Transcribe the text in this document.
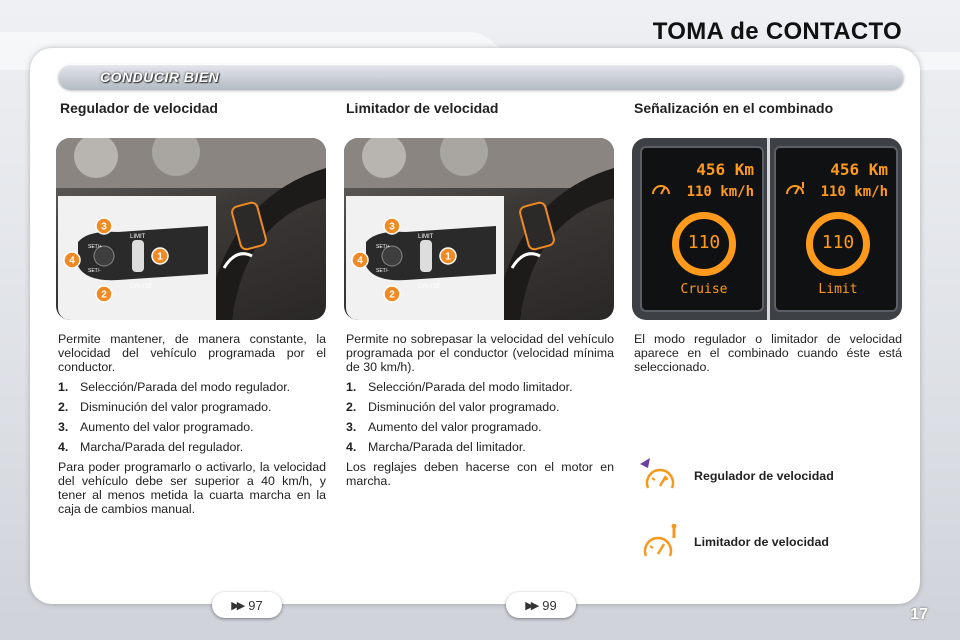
TOMA de CONTACTO
CONDUCIR BIEN
Regulador de velocidad	Limitador de velocidad	Señalización en el combinado
LIMIT
CRUISE
SET/+
SET/-
3
4	1
2
LIMIT
CRUISE
SET/+
SET/-
3
4	1
2
456 Km
110 km/h
110
Cruise
456 Km
110 km/h
110
Limit

Permite mantener, de manera constante, la velocidad del vehículo programada por el conductor.

1. Selección/Parada del modo regulador.
2. Disminución del valor programado.
3. Aumento del valor programado.
4. Marcha/Parada del regulador.

Para poder programarlo o activarlo, la velocidad del vehículo debe ser superior a 40 km/h, y tener al menos metida la cuarta marcha en la caja de cambios manual.

Permite no sobrepasar la velocidad del vehículo programada por el conductor (velocidad mínima de 30 km/h).

1. Selección/Parada del modo limitador.
2. Disminución del valor programado.
3. Aumento del valor programado.
4. Marcha/Parada del limitador.

Los reglajes deben hacerse con el motor en marcha.

El modo regulador o limitador de velocidad aparece en el combinado cuando éste está seleccionado.

Regulador de velocidad
Limitador de velocidad
▶▶ 97	▶▶ 99
17
